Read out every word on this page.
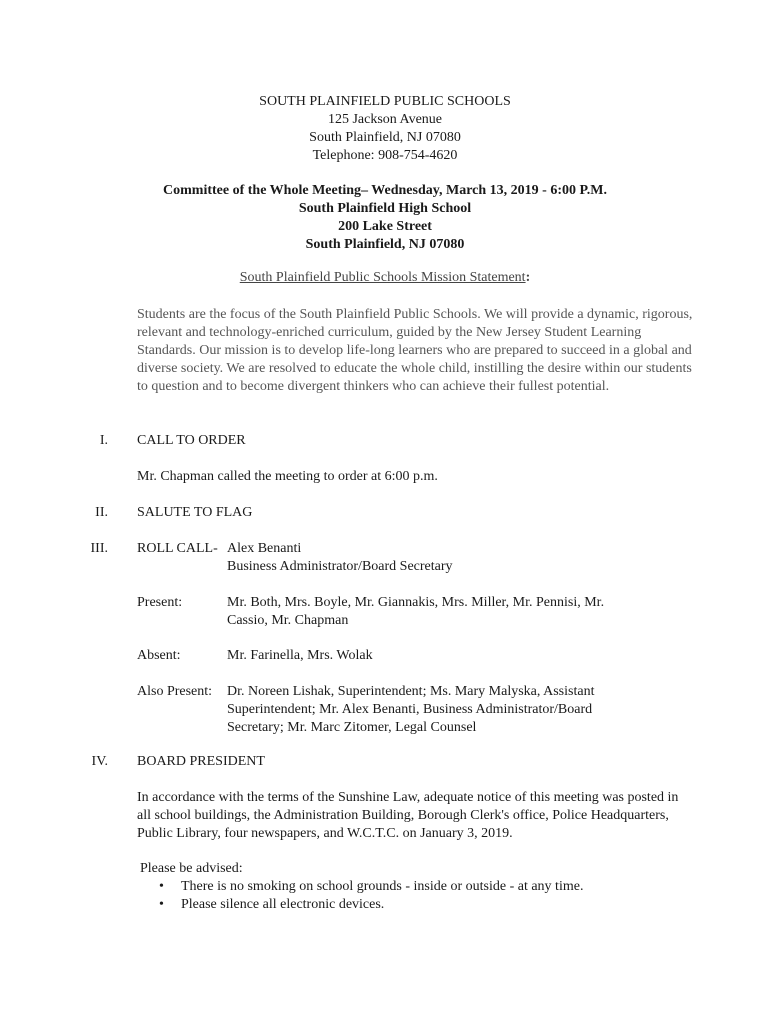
SOUTH PLAINFIELD PUBLIC SCHOOLS
125 Jackson Avenue
South Plainfield, NJ 07080
Telephone: 908-754-4620
Committee of the Whole Meeting– Wednesday, March 13, 2019 - 6:00 P.M.
South Plainfield High School
200 Lake Street
South Plainfield, NJ 07080
South Plainfield Public Schools Mission Statement:
Students are the focus of the South Plainfield Public Schools. We will provide a dynamic, rigorous, relevant and technology-enriched curriculum, guided by the New Jersey Student Learning Standards. Our mission is to develop life-long learners who are prepared to succeed in a global and diverse society. We are resolved to educate the whole child, instilling the desire within our students to question and to become divergent thinkers who can achieve their fullest potential.
I. CALL TO ORDER
Mr. Chapman called the meeting to order at 6:00 p.m.
II. SALUTE TO FLAG
III. ROLL CALL- Alex Benanti
Business Administrator/Board Secretary
Present:	Mr. Both, Mrs. Boyle, Mr. Giannakis, Mrs. Miller, Mr. Pennisi, Mr. Cassio, Mr. Chapman
Absent:	Mr. Farinella, Mrs. Wolak
Also Present: Dr. Noreen Lishak, Superintendent; Ms. Mary Malyska, Assistant Superintendent; Mr. Alex Benanti, Business Administrator/Board Secretary; Mr. Marc Zitomer, Legal Counsel
IV. BOARD PRESIDENT
In accordance with the terms of the Sunshine Law, adequate notice of this meeting was posted in all school buildings, the Administration Building, Borough Clerk's office, Police Headquarters, Public Library, four newspapers, and W.C.T.C. on January 3, 2019.
Please be advised:
• There is no smoking on school grounds - inside or outside - at any time.
• Please silence all electronic devices.
